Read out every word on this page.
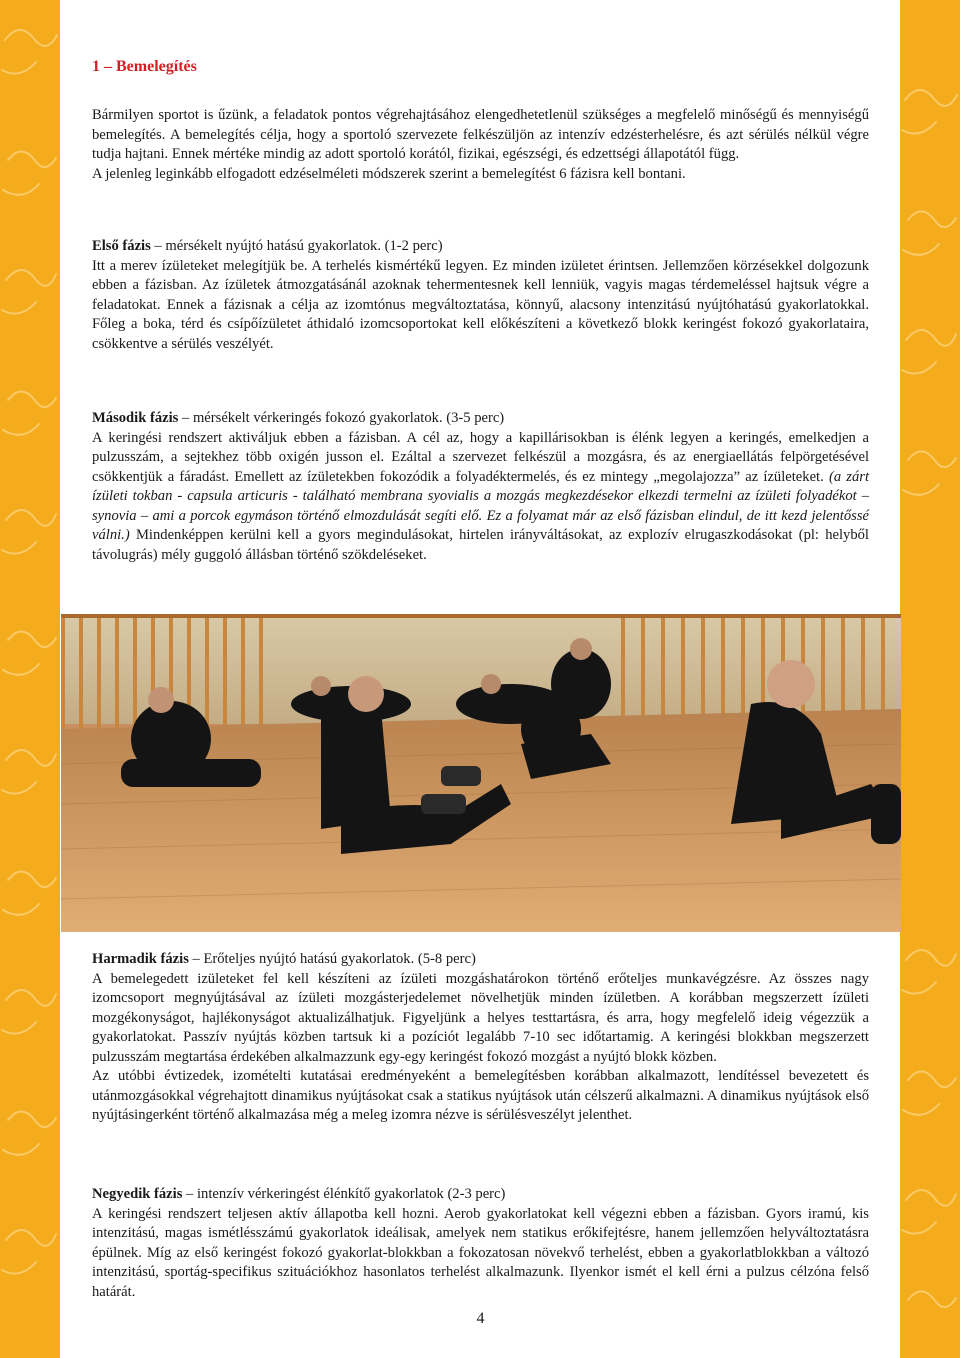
1 – Bemelegítés

Bármilyen sportot is űzünk, a feladatok pontos végrehajtásához elengedhetetlenül szükséges a megfelelő minőségű és mennyiségű bemelegítés. A bemelegítés célja, hogy a sportoló szervezete felkészüljön az intenzív edzésterhelésre, és azt sérülés nélkül végre tudja hajtani. Ennek mértéke mindig az adott sportoló korától, fizikai, egészségi, és edzettségi állapotától függ.

A jelenleg leginkább elfogadott edzéselméleti módszerek szerint a bemelegítést 6 fázisra kell bontani.

Első fázis – mérsékelt nyújtó hatású gyakorlatok. (1-2 perc)

Itt a merev ízületeket melegítjük be. A terhelés kismértékű legyen. Ez minden izületet érintsen. Jellemzően körzésekkel dolgozunk ebben a fázisban. Az ízületek átmozgatásánál azoknak tehermentesnek kell lenniük, vagyis magas térdemeléssel hajtsuk végre a feladatokat. Ennek a fázisnak a célja az izomtónus megváltoztatása, könnyű, alacsony intenzitású nyújtóhatású gyakorlatokkal. Főleg a boka, térd és csípőízületet áthidaló izomcsoportokat kell előkészíteni a következő blokk keringést fokozó gyakorlataira, csökkentve a sérülés veszélyét.

Második fázis – mérsékelt vérkeringés fokozó gyakorlatok. (3-5 perc)

A keringési rendszert aktiváljuk ebben a fázisban. A cél az, hogy a kapillárisokban is élénk legyen a keringés, emelkedjen a pulzusszám, a sejtekhez több oxigén jusson el. Ezáltal a szervezet felkészül a mozgásra, és az energiaellátás felpörgetésével csökkentjük a fáradást. Emellett az ízületekben fokozódik a folyadéktermelés, és ez mintegy „megolajozza” az ízületeket. (a zárt ízületi tokban - capsula articuris - található membrana syovialis a mozgás megkezdésekor elkezdi termelni az ízületi folyadékot – synovia – ami a porcok egymáson történő elmozdulását segíti elő. Ez a folyamat már az első fázisban elindul, de itt kezd jelentőssé válni.) Mindenképpen kerülni kell a gyors megindulásokat, hirtelen irányváltásokat, az explozív elrugaszkodásokat (pl: helyből távolugrás) mély guggoló állásban történő szökdeléseket.

Harmadik fázis – Erőteljes nyújtó hatású gyakorlatok. (5-8 perc)

A bemelegedett izületeket fel kell készíteni az ízületi mozgáshatárokon történő erőteljes munkavégzésre. Az összes nagy izomcsoport megnyújtásával az ízületi mozgásterjedelemet növelhetjük minden ízületben. A korábban megszerzett ízületi mozgékonyságot, hajlékonyságot aktualizálhatjuk. Figyeljünk a helyes testtartásra, és arra, hogy megfelelő ideig végezzük a gyakorlatokat. Passzív nyújtás közben tartsuk ki a pozíciót legalább 7-10 sec időtartamig. A keringési blokkban megszerzett pulzusszám megtartása érdekében alkalmazzunk egy-egy keringést fokozó mozgást a nyújtó blokk közben.

Az utóbbi évtizedek, izomételti kutatásai eredményeként a bemelegítésben korábban alkalmazott, lendítéssel bevezetett és utánmozgásokkal végrehajtott dinamikus nyújtásokat csak a statikus nyújtások után célszerű alkalmazni. A dinamikus nyújtások első nyújtásingerként történő alkalmazása még a meleg izomra nézve is sérülésveszélyt jelenthet.

Negyedik fázis – intenzív vérkeringést élénkítő gyakorlatok (2-3 perc)

A keringési rendszert teljesen aktív állapotba kell hozni. Aerob gyakorlatokat kell végezni ebben a fázisban. Gyors iramú, kis intenzitású, magas ismétlésszámú gyakorlatok ideálisak, amelyek nem statikus erőkifejtésre, hanem jellemzően helyváltoztatásra épülnek. Míg az első keringést fokozó gyakorlat-blokkban a fokozatosan növekvő terhelést, ebben a gyakorlatblokkban a változó intenzitású, sportág-specifikus szituációkhoz hasonlatos terhelést alkalmazunk. Ilyenkor ismét el kell érni a pulzus célzóna felső határát.

4
